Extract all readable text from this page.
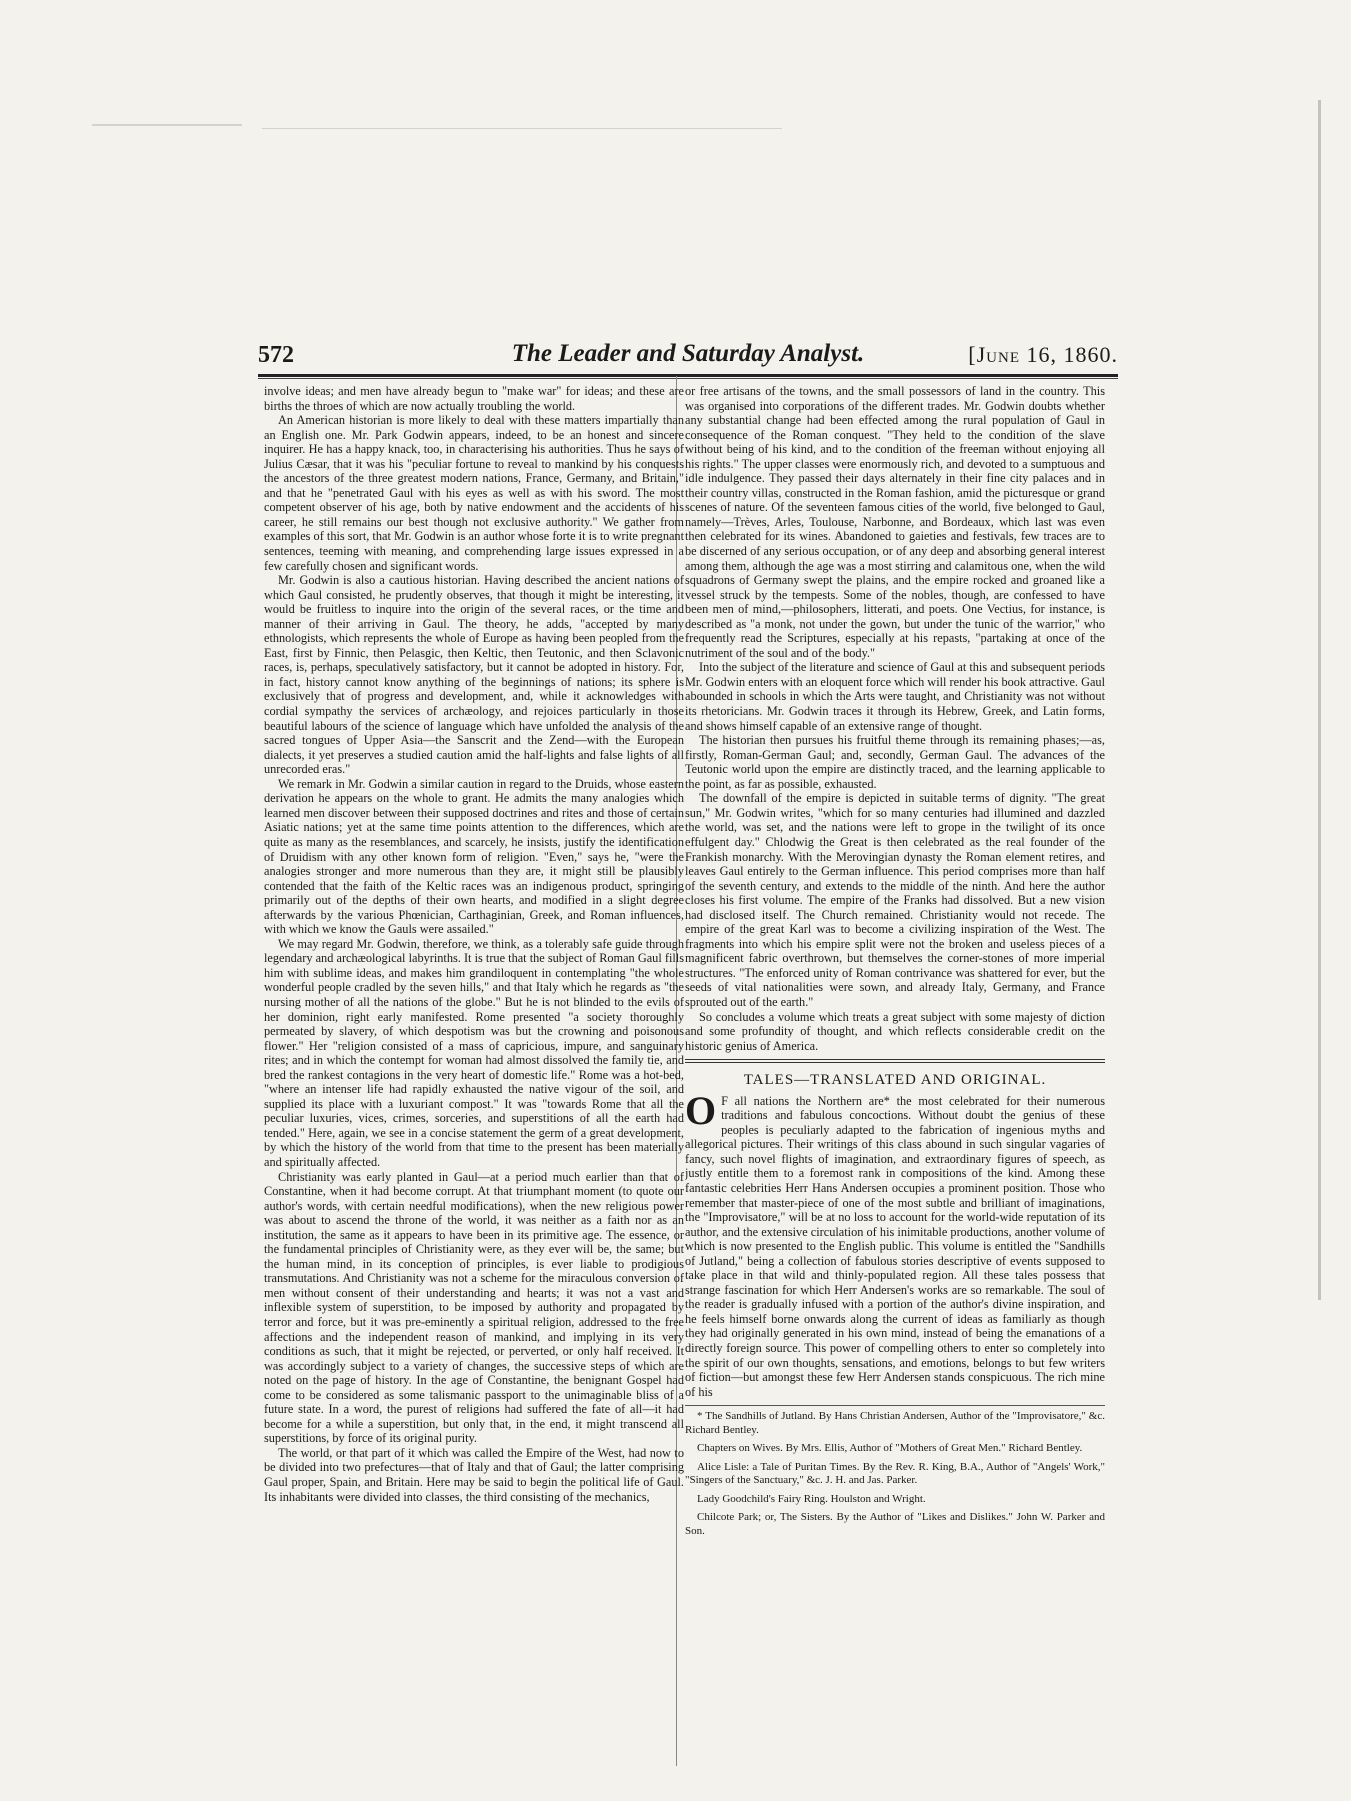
572	The Leader and Saturday Analyst.	[June 16, 1860.

involve ideas; and men have already begun to "make war" for ideas; and these are births the throes of which are now actually troubling the world.

An American historian is more likely to deal with these matters impartially than an English one. Mr. Park Godwin appears, indeed, to be an honest and sincere inquirer. He has a happy knack, too, in characterising his authorities. Thus he says of Julius Cæsar, that it was his "peculiar fortune to reveal to mankind by his conquests the ancestors of the three greatest modern nations, France, Germany, and Britain," and that he "penetrated Gaul with his eyes as well as with his sword. The most competent observer of his age, both by native endowment and the accidents of his career, he still remains our best though not exclusive authority." We gather from examples of this sort, that Mr. Godwin is an author whose forte it is to write pregnant sentences, teeming with meaning, and comprehending large issues expressed in a few carefully chosen and significant words.

Mr. Godwin is also a cautious historian. Having described the ancient nations of which Gaul consisted, he prudently observes, that though it might be interesting, it would be fruitless to inquire into the origin of the several races, or the time and manner of their arriving in Gaul. The theory, he adds, "accepted by many ethnologists, which represents the whole of Europe as having been peopled from the East, first by Finnic, then Pelasgic, then Keltic, then Teutonic, and then Sclavonic races, is, perhaps, speculatively satisfactory, but it cannot be adopted in history. For, in fact, history cannot know anything of the beginnings of nations; its sphere is exclusively that of progress and development, and, while it acknowledges with cordial sympathy the services of archæology, and rejoices particularly in those beautiful labours of the science of language which have unfolded the analysis of the sacred tongues of Upper Asia—the Sanscrit and the Zend—with the European dialects, it yet preserves a studied caution amid the half-lights and false lights of all unrecorded eras."

We remark in Mr. Godwin a similar caution in regard to the Druids, whose eastern derivation he appears on the whole to grant. He admits the many analogies which learned men discover between their supposed doctrines and rites and those of certain Asiatic nations; yet at the same time points attention to the differences, which are quite as many as the resemblances, and scarcely, he insists, justify the identification of Druidism with any other known form of religion. "Even," says he, "were the analogies stronger and more numerous than they are, it might still be plausibly contended that the faith of the Keltic races was an indigenous product, springing primarily out of the depths of their own hearts, and modified in a slight degree afterwards by the various Phœnician, Carthaginian, Greek, and Roman influences, with which we know the Gauls were assailed."

We may regard Mr. Godwin, therefore, we think, as a tolerably safe guide through legendary and archæological labyrinths. It is true that the subject of Roman Gaul fills him with sublime ideas, and makes him grandiloquent in contemplating "the whole wonderful people cradled by the seven hills," and that Italy which he regards as "the nursing mother of all the nations of the globe." But he is not blinded to the evils of her dominion, right early manifested. Rome presented "a society thoroughly permeated by slavery, of which despotism was but the crowning and poisonous flower." Her "religion consisted of a mass of capricious, impure, and sanguinary rites; and in which the contempt for woman had almost dissolved the family tie, and bred the rankest contagions in the very heart of domestic life." Rome was a hot-bed, "where an intenser life had rapidly exhausted the native vigour of the soil, and supplied its place with a luxuriant compost." It was "towards Rome that all the peculiar luxuries, vices, crimes, sorceries, and superstitions of all the earth had tended." Here, again, we see in a concise statement the germ of a great development, by which the history of the world from that time to the present has been materially and spiritually affected.

Christianity was early planted in Gaul—at a period much earlier than that of Constantine, when it had become corrupt. At that triumphant moment (to quote our author's words, with certain needful modifications), when the new religious power was about to ascend the throne of the world, it was neither as a faith nor as an institution, the same as it appears to have been in its primitive age. The essence, or the fundamental principles of Christianity were, as they ever will be, the same; but the human mind, in its conception of principles, is ever liable to prodigious transmutations. And Christianity was not a scheme for the miraculous conversion of men without consent of their understanding and hearts; it was not a vast and inflexible system of superstition, to be imposed by authority and propagated by terror and force, but it was pre-eminently a spiritual religion, addressed to the free affections and the independent reason of mankind, and implying in its very conditions as such, that it might be rejected, or perverted, or only half received. It was accordingly subject to a variety of changes, the successive steps of which are noted on the page of history. In the age of Constantine, the benignant Gospel had come to be considered as some talismanic passport to the unimaginable bliss of a future state. In a word, the purest of religions had suffered the fate of all—it had become for a while a superstition, but only that, in the end, it might transcend all superstitions, by force of its original purity.

The world, or that part of it which was called the Empire of the West, had now to be divided into two prefectures—that of Italy and that of Gaul; the latter comprising Gaul proper, Spain, and Britain. Here may be said to begin the political life of Gaul. Its inhabitants were divided into classes, the third consisting of the mechanics,

or free artisans of the towns, and the small possessors of land in the country. This was organised into corporations of the different trades. Mr. Godwin doubts whether any substantial change had been effected among the rural population of Gaul in consequence of the Roman conquest. "They held to the condition of the slave without being of his kind, and to the condition of the freeman without enjoying all his rights." The upper classes were enormously rich, and devoted to a sumptuous and idle indulgence. They passed their days alternately in their fine city palaces and in their country villas, constructed in the Roman fashion, amid the picturesque or grand scenes of nature. Of the seventeen famous cities of the world, five belonged to Gaul, namely—Trèves, Arles, Toulouse, Narbonne, and Bordeaux, which last was even then celebrated for its wines. Abandoned to gaieties and festivals, few traces are to be discerned of any serious occupation, or of any deep and absorbing general interest among them, although the age was a most stirring and calamitous one, when the wild squadrons of Germany swept the plains, and the empire rocked and groaned like a vessel struck by the tempests. Some of the nobles, though, are confessed to have been men of mind,—philosophers, litterati, and poets. One Vectius, for instance, is described as "a monk, not under the gown, but under the tunic of the warrior," who frequently read the Scriptures, especially at his repasts, "partaking at once of the nutriment of the soul and of the body."

Into the subject of the literature and science of Gaul at this and subsequent periods Mr. Godwin enters with an eloquent force which will render his book attractive. Gaul abounded in schools in which the Arts were taught, and Christianity was not without its rhetoricians. Mr. Godwin traces it through its Hebrew, Greek, and Latin forms, and shows himself capable of an extensive range of thought.

The historian then pursues his fruitful theme through its remaining phases;—as, firstly, Roman-German Gaul; and, secondly, German Gaul. The advances of the Teutonic world upon the empire are distinctly traced, and the learning applicable to the point, as far as possible, exhausted.

The downfall of the empire is depicted in suitable terms of dignity. "The great sun," Mr. Godwin writes, "which for so many centuries had illumined and dazzled the world, was set, and the nations were left to grope in the twilight of its once effulgent day." Chlodwig the Great is then celebrated as the real founder of the Frankish monarchy. With the Merovingian dynasty the Roman element retires, and leaves Gaul entirely to the German influence. This period comprises more than half of the seventh century, and extends to the middle of the ninth. And here the author closes his first volume. The empire of the Franks had dissolved. But a new vision had disclosed itself. The Church remained. Christianity would not recede. The empire of the great Karl was to become a civilizing inspiration of the West. The fragments into which his empire split were not the broken and useless pieces of a magnificent fabric overthrown, but themselves the corner-stones of more imperial structures. "The enforced unity of Roman contrivance was shattered for ever, but the seeds of vital nationalities were sown, and already Italy, Germany, and France sprouted out of the earth."

So concludes a volume which treats a great subject with some majesty of diction and some profundity of thought, and which reflects considerable credit on the historic genius of America.

TALES—TRANSLATED AND ORIGINAL.

O F all nations the Northern are* the most celebrated for their numerous traditions and fabulous concoctions. Without doubt the genius of these peoples is peculiarly adapted to the fabrication of ingenious myths and allegorical pictures. Their writings of this class abound in such singular vagaries of fancy, such novel flights of imagination, and extraordinary figures of speech, as justly entitle them to a foremost rank in compositions of the kind. Among these fantastic celebrities Herr Hans Andersen occupies a prominent position. Those who remember that master-piece of one of the most subtle and brilliant of imaginations, the "Improvisatore," will be at no loss to account for the world-wide reputation of its author, and the extensive circulation of his inimitable productions, another volume of which is now presented to the English public. This volume is entitled the "Sandhills of Jutland," being a collection of fabulous stories descriptive of events supposed to take place in that wild and thinly-populated region. All these tales possess that strange fascination for which Herr Andersen's works are so remarkable. The soul of the reader is gradually infused with a portion of the author's divine inspiration, and he feels himself borne onwards along the current of ideas as familiarly as though they had originally generated in his own mind, instead of being the emanations of a directly foreign source. This power of compelling others to enter so completely into the spirit of our own thoughts, sensations, and emotions, belongs to but few writers of fiction—but amongst these few Herr Andersen stands conspicuous. The rich mine of his

* The Sandhills of Jutland. By Hans Christian Andersen, Author of the "Improvisatore," &c. Richard Bentley.
Chapters on Wives. By Mrs. Ellis, Author of "Mothers of Great Men." Richard Bentley.
Alice Lisle: a Tale of Puritan Times. By the Rev. R. King, B.A., Author of "Angels' Work," "Singers of the Sanctuary," &c. J. H. and Jas. Parker.
Lady Goodchild's Fairy Ring. Houlston and Wright.
Chilcote Park; or, The Sisters. By the Author of "Likes and Dislikes." John W. Parker and Son.
